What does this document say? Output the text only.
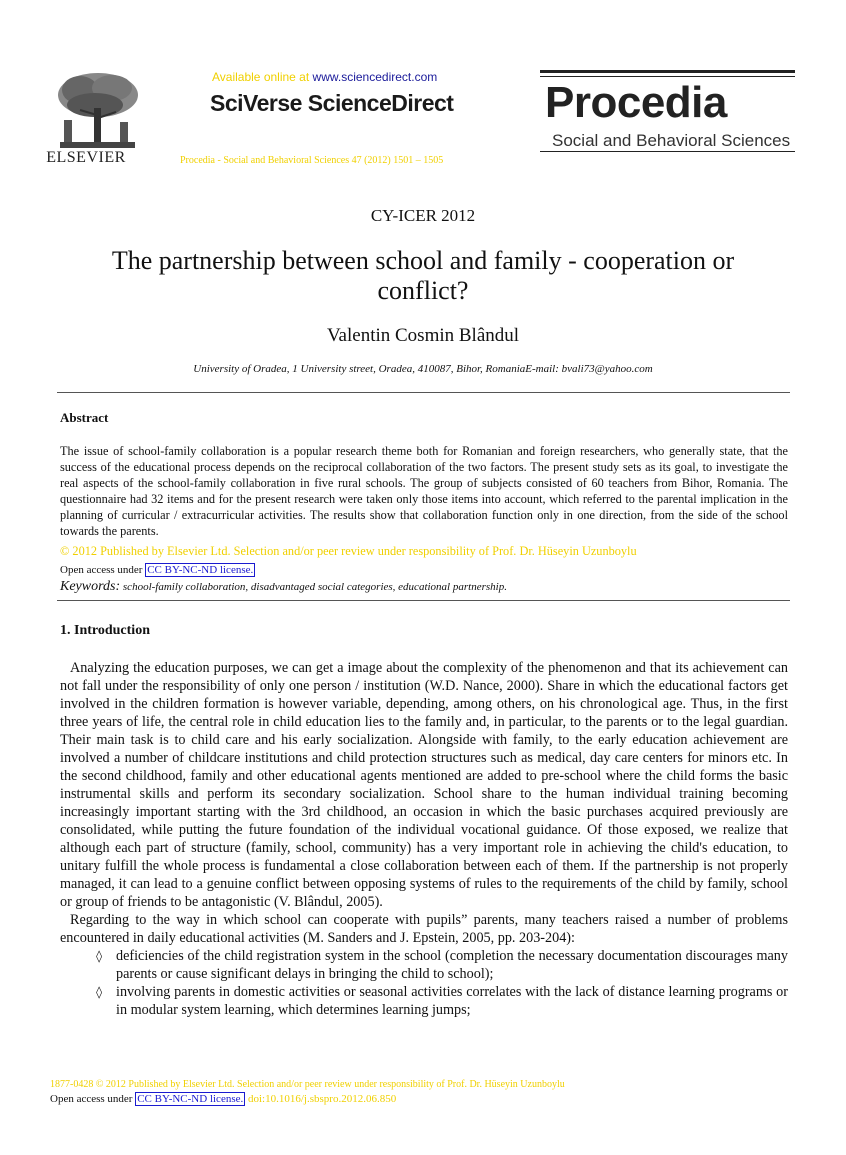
ELSEVIER
Available online at www.sciencedirect.com
SciVerse ScienceDirect
Procedia - Social and Behavioral Sciences 47 (2012) 1501 – 1505
Procedia
Social and Behavioral Sciences
CY-ICER 2012
The partnership between school and family - cooperation or conflict?
Valentin Cosmin Blândul
University of Oradea, 1 University street, Oradea, 410087, Bihor, RomaniaE-mail: bvali73@yahoo.com
Abstract
The issue of school-family collaboration is a popular research theme both for Romanian and foreign researchers, who generally state, that the success of the educational process depends on the reciprocal collaboration of the two factors. The present study sets as its goal, to investigate the real aspects of the school-family collaboration in five rural schools. The group of subjects consisted of 60 teachers from Bihor, Romania. The questionnaire had 32 items and for the present research were taken only those items into account, which referred to the parental implication in the planning of curricular / extracurricular activities. The results show that collaboration function only in one direction, from the side of the school towards the parents.
© 2012 Published by Elsevier Ltd. Selection and/or peer review under responsibility of Prof. Dr. Hüseyin Uzunboylu
Open access under CC BY-NC-ND license.
Keywords: school-family collaboration, disadvantaged social categories, educational partnership.
1. Introduction

Analyzing the education purposes, we can get a image about the complexity of the phenomenon and that its achievement can not fall under the responsibility of only one person / institution (W.D. Nance, 2000). Share in which the educational factors get involved in the children formation is however variable, depending, among others, on his chronological age. Thus, in the first three years of life, the central role in child education lies to the family and, in particular, to the parents or to the legal guardian. Their main task is to child care and his early socialization. Alongside with family, to the early education achievement are involved a number of childcare institutions and child protection structures such as medical, day care centers for minors etc. In the second childhood, family and other educational agents mentioned are added to pre-school where the child forms the basic instrumental skills and perform its secondary socialization. School share to the human individual training becoming increasingly important starting with the 3rd childhood, an occasion in which the basic purchases acquired previously are consolidated, while putting the future foundation of the individual vocational guidance. Of those exposed, we realize that although each part of structure (family, school, community) has a very important role in achieving the child's education, to unitary fulfill the whole process is fundamental a close collaboration between each of them. If the partnership is not properly managed, it can lead to a genuine conflict between opposing systems of rules to the requirements of the child by family, school or group of friends to be antagonistic (V. Blândul, 2005).

Regarding to the way in which school can cooperate with pupils” parents, many teachers raised a number of problems encountered in daily educational activities (M. Sanders and J. Epstein, 2005, pp. 203-204):

◊ deficiencies of the child registration system in the school (completion the necessary documentation discourages many parents or cause significant delays in bringing the child to school);
◊ involving parents in domestic activities or seasonal activities correlates with the lack of distance learning programs or in modular system learning, which determines learning jumps;
1877-0428 © 2012 Published by Elsevier Ltd. Selection and/or peer review under responsibility of Prof. Dr. Hüseyin Uzunboylu
Open access under CC BY-NC-ND license. doi:10.1016/j.sbspro.2012.06.850
